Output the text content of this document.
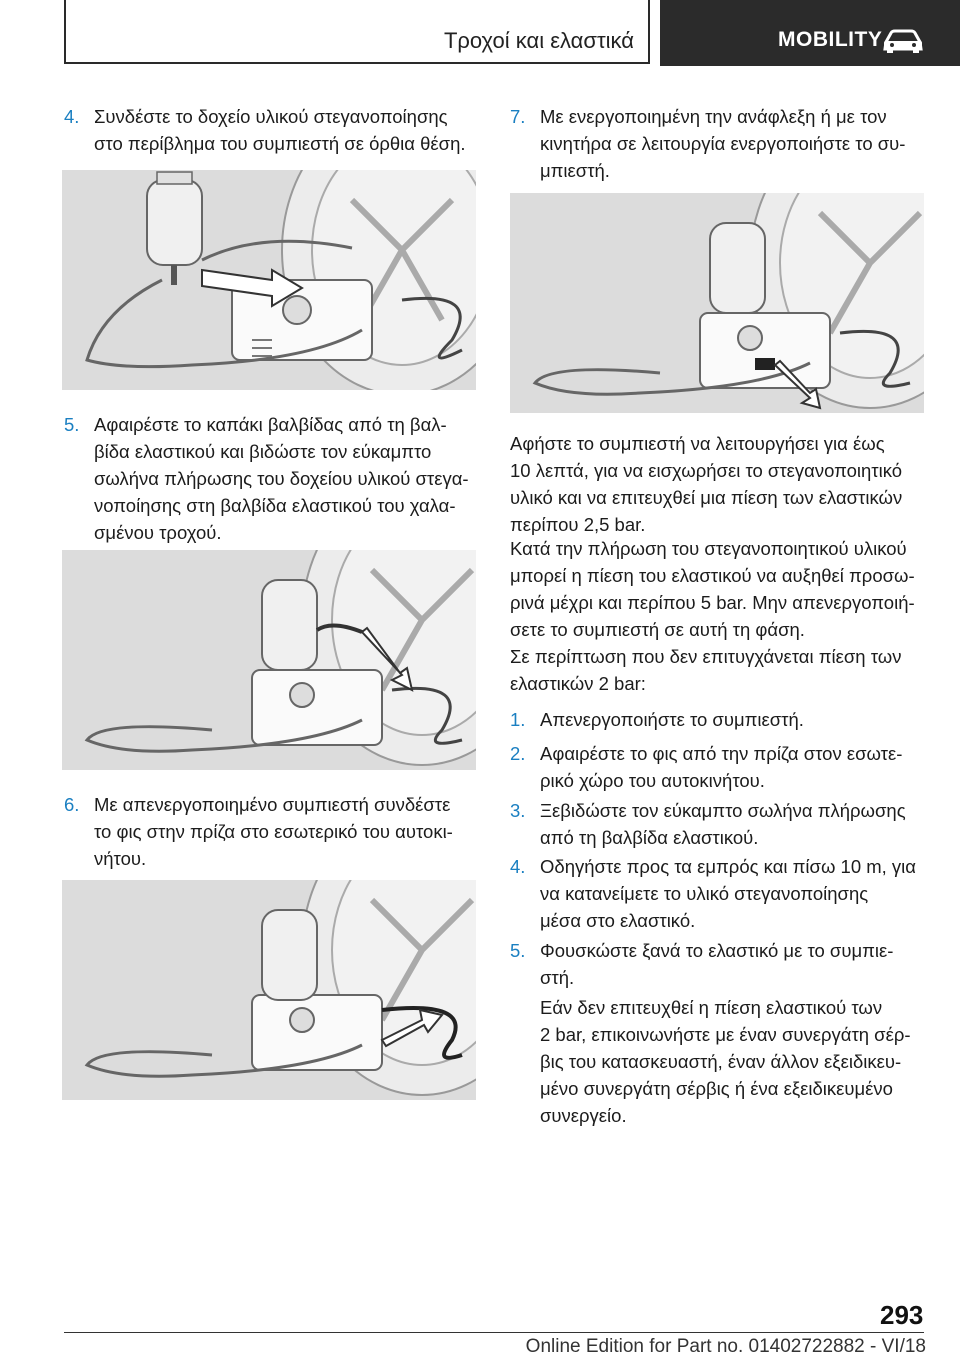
Τροχοί και ελαστικά	MOBILITY
4. Συνδέστε το δοχείο υλικού στεγανοποίησης
στο περίβλημα του συμπιεστή σε όρθια θέση.
5. Αφαιρέστε το καπάκι βαλβίδας από τη βαλ-
βίδα ελαστικού και βιδώστε τον εύκαμπτο
σωλήνα πλήρωσης του δοχείου υλικού στεγα-
νοποίησης στη βαλβίδα ελαστικού του χαλα-
σμένου τροχού.
6. Με απενεργοποιημένο συμπιεστή συνδέστε
το φις στην πρίζα στο εσωτερικό του αυτοκι-
νήτου.
7. Με ενεργοποιημένη την ανάφλεξη ή με τον
κινητήρα σε λειτουργία ενεργοποιήστε το συ-
μπιεστή.
Αφήστε το συμπιεστή να λειτουργήσει για έως
10 λεπτά, για να εισχωρήσει το στεγανοποιητικό
υλικό και να επιτευχθεί μια πίεση των ελαστικών
περίπου 2,5 bar.
Κατά την πλήρωση του στεγανοποιητικού υλικού
μπορεί η πίεση του ελαστικού να αυξηθεί προσω-
ρινά μέχρι και περίπου 5 bar. Μην απενεργοποιή-
σετε το συμπιεστή σε αυτή τη φάση.
Σε περίπτωση που δεν επιτυγχάνεται πίεση των
ελαστικών 2 bar:
1. Απενεργοποιήστε το συμπιεστή.
2. Αφαιρέστε το φις από την πρίζα στον εσωτε-
ρικό χώρο του αυτοκινήτου.
3. Ξεβιδώστε τον εύκαμπτο σωλήνα πλήρωσης
από τη βαλβίδα ελαστικού.
4. Οδηγήστε προς τα εμπρός και πίσω 10 m, για
να κατανείμετε το υλικό στεγανοποίησης
μέσα στο ελαστικό.
5. Φουσκώστε ξανά το ελαστικό με το συμπιε-
στή.
Εάν δεν επιτευχθεί η πίεση ελαστικού των
2 bar, επικοινωνήστε με έναν συνεργάτη σέρ-
βις του κατασκευαστή, έναν άλλον εξειδικευ-
μένο συνεργάτη σέρβις ή ένα εξειδικευμένο
συνεργείο.
293
Online Edition for Part no. 01402722882 - VI/18
